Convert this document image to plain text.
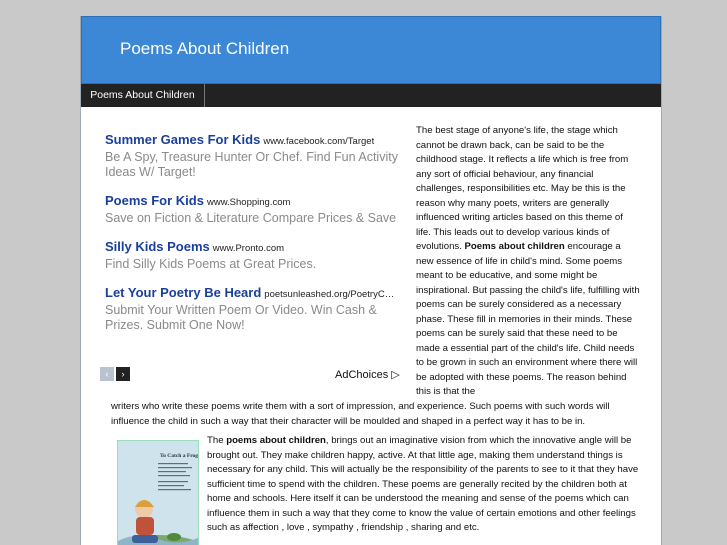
Poems About Children
Poems About Children
Summer Games For Kids www.facebook.com/Target
Be A Spy, Treasure Hunter Or Chef. Find Fun Activity Ideas W/ Target!
Poems For Kids www.Shopping.com
Save on Fiction & Literature Compare Prices & Save
Silly Kids Poems www.Pronto.com
Find Silly Kids Poems at Great Prices.
Let Your Poetry Be Heard poetsunleashed.org/PoetryC…
Submit Your Written Poem Or Video. Win Cash & Prizes. Submit One Now!
‹	›	AdChoices ▷
The best stage of anyone's life, the stage which cannot be drawn back, can be said to be the childhood stage. It reflects a life which is free from any sort of official behaviour, any financial challenges, responsibilities etc. May be this is the reason why many poets, writers are generally influenced writing articles based on this theme of life. This leads out to develop various kinds of evolutions. Poems about children encourage a new essence of life in child's mind. Some poems meant to be educative, and some might be inspirational. But passing the child's life, fulfilling with poems can be surely considered as a necessary phase. These fill in memories in their minds. These poems can be surely said that these need to be made a essential part of the child's life. Child needs to be grown in such an environment where there will be adopted with these poems. The reason behind this is that the
writers who write these poems write them with a sort of impression, and experience. Such poems with such words will influence the child in such a way that their character will be moulded and shaped in a perfect way it has to be in.
To Catch a Frog
The poems about children, brings out an imaginative vision from which the innovative angle will be brought out. They make children happy, active. At that little age, making them understand things is necessary for any child. This will actually be the responsibility of the parents to see to it that they have sufficient time to spend with the children. These poems are generally recited by the children both at home and schools. Here itself it can be understood the meaning and sense of the poems which can influence them in such a way that they come to know the value of certain emotions and other feelings such as affection , love , sympathy , friendship , sharing and etc.
